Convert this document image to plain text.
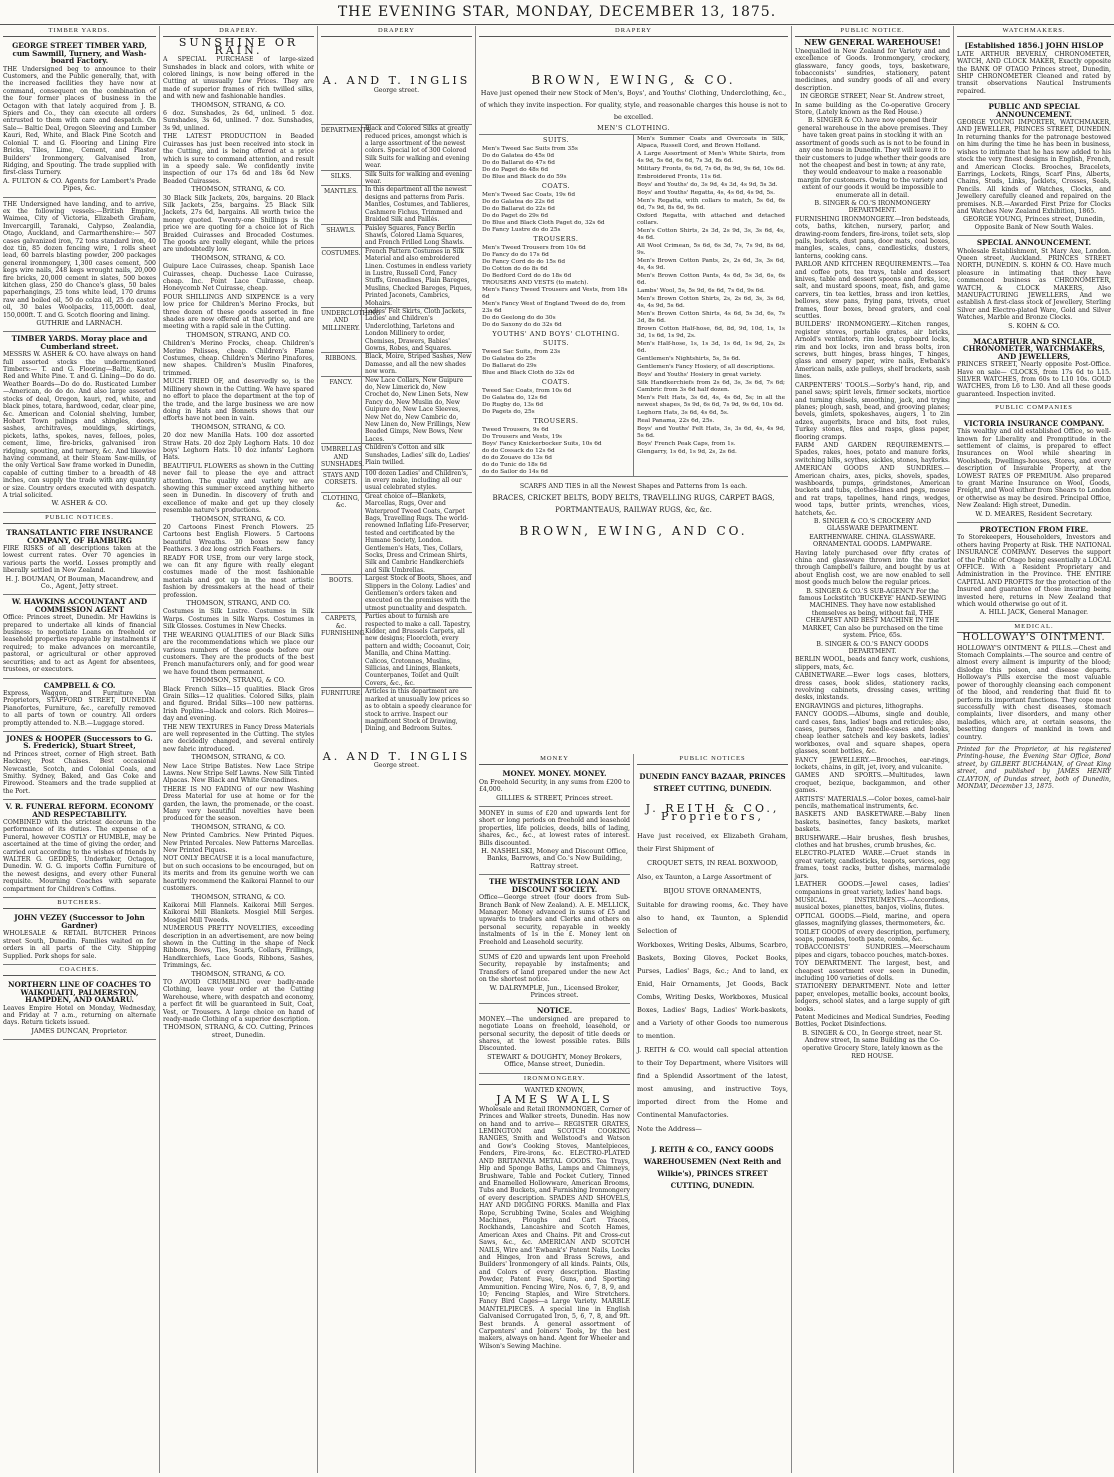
THE EVENING STAR, MONDAY, DECEMBER 13, 1875.
TIMBER YARDS.
GEORGE STREET TIMBER YARD, cum Sawmill, Turnery, and Wash-board Factory.

THE Undersigned beg to announce to their Customers, and the Public generally, that, with the increased facilities they have now at command, consequent on the combination of the four former places of business in the Octagon with that lately acquired from J. B. Spiers and Co., they can execute all orders entrusted to them with care and despatch. On Sale— Baltic Deal, Oregon Sleeving and Lumber Kauri, Red, White, and Black Pine Scotch and Colonial T. and G. Flooring and Lining Fire Bricks, Tiles, Lime, Cement, and Plaster Builders' Ironmongery, Galvanised Iron, Ridging, and Spouting. The trade supplied with first-class Turnery.

A. FULTON & CO. Agents for Lambert's Prade Pipes, &c.

THE Undersigned have landing, and to arrive, ex the following vessels:—British Empire, Waimea, City of Victoria, Elizabeth Graham, Invercargill, Taranaki, Calypso, Zealandia, Otago, Auckland, and Carmarthenshire:— 507 cases galvanized iron, 72 tons standard iron, 40 doz tin, 85 dozen fencing wire, 1 rolls sheet lead, 60 barrels blasting powder, 200 packages general ironmongery, 1,300 cases cement, 500 kegs wire nails, 248 kegs wrought nails, 20,000 fire bricks, 20,000 cement in slates, 500 boxes kitchen glass, 250 do Chance's glass, 50 bales paperhangings, 25 tons white lead, 170 drums raw and boiled oil, 50 do colza oil, 25 do castor oil, 30 bales Woolpacks, 115,000ft. deal, 150,000ft. T. and G. Scotch flooring and lining.

GUTHRIE and LARNACH.
TIMBER YARDS. Moray place and Cumberland street.

MESSRS W. ASHER & CO. have always on hand full assorted stocks the undermentioned Timbers:— T. and G. Flooring—Baltic, Kauri, Red and White Pine. T. and G. Lining—Do do do. Weather Boards—Do do do. Rusticated Lumber—American, do do do. And also large assorted stocks of deal, Oregon, kauri, red, white, and black pines, totara, hardwood, cedar, clear pine, &c. American and Colonial shelving, lumber, Hobart Town palings and shingles, doors, sashes, architraves, mouldings, skirtings, pickets, laths, spokes, naves, felloes, poles, cement, lime, fire-bricks, galvanised iron ridging, spouting, and turnery, &c. And likewise having command, at their Steam Saw-mills, of the only Vertical Saw frame worked in Dunedin, capable of cutting timber to a breadth of 48 inches, can supply the trade with any quantity or size. Country orders executed with despatch. A trial solicited.

W. ASHER & CO.
PUBLIC NOTICES.
TRANSATLANTIC FIRE INSURANCE COMPANY, OF HAMBURG

FIRE RISKS of all descriptions taken at the lowest current rates. Over 70 agencies in various parts the world. Losses promptly and liberally settled in New Zealand.

H. J. BOUMAN, Of Bouman, Macandrew, and Co., Agent, Jetty street.
W. HAWKINS ACCOUNTANT AND COMMISSION AGENT

Office: Princes street, Dunedin. Mr Hawkins is prepared to undertake all kinds of financial business; to negotiate Loans on freehold or leasehold properties repayable by instalments if required; to make advances on mercantile, pastoral, or agricultural or other approved securities; and to act as Agent for absentees, trustees, or executors.

CAMPBELL & CO.

Express, Waggon, and Furniture Van Proprietors, STAFFORD STREET, DUNEDIN. Pianofortes, Furniture, &c., carefully removed to all parts of town or country. All orders promptly attended to. N.B.—Luggage stored.

JONES & HOOPER (Successors to G. S. Frederick), Stuart Street,

nd Princes street, corner of High street. Bath Hackney, Post Chaises. Best occasional Newcastle, Scotch, and Colonial Coals, and Smithy. Sydney, Baked, and Gas Coke and Firewood. Steamers and the trade supplied at the Port.

V. R. FUNERAL REFORM. ECONOMY AND RESPECTABILITY.

COMBINED with the strictest decorum in the performance of its duties. The expense of a Funeral, however COSTLY or HUMBLE, may be ascertained at the time of giving the order, and carried out according to the wishes of friends by WALTER G. GEDDES, Undertaker, Octagon, Dunedin. W. G. G. imports Coffin Furniture of the newest designs, and every other Funeral requisite. Mourning Coaches with separate compartment for Children's Coffins.

BUTCHERS.
JOHN VEZEY (Successor to John Gardner)

WHOLESALE & RETAIL BUTCHER Princes street South, Dunedin. Families waited on for orders in all parts of the City. Shipping Supplied. Pork shops for sale.

COACHES.
NORTHERN LINE OF COACHES TO WAIKOUAITI, PALMERSTON, HAMPDEN, AND OAMARU.

Leaves Empire Hotel on Monday, Wednesday, and Friday at 7 a.m., returning on alternate days. Return tickets issued.

JAMES DUNCAN, Proprietor.
DRAPERY.
SUNSHINE OR RAIN.

A SPECIAL PURCHASE of large-sized Sunshades in black and colors, with white or colored linings, is now being offered in the Cutting at unusually Low Prices. They are made of superior frames of rich twilled silks, and with new and fashionable handles.

THOMSON, STRANG, & CO.

6 doz. Sunshades, 2s 6d, unlined. 5 doz. Sunshades, 3s 6d, unlined. 7 doz. Sunshades, 3s 9d, unlined.

THE LATEST PRODUCTION in Beaded Cuirasses has just been received into stock in the Cutting, and is being offered at a price which is sure to command attention, and result in a speedy sale. We confidently invite inspection of our 17s 6d and 18s 6d New Beaded Cuirasses.

THOMSON, STRANG, & CO.

30 Black Silk Jackets, 20s, bargains. 20 Black Silk Jackets, 25s, bargains. 25 Black Silk Jackets, 27s 6d, bargains. All worth twice the money quoted. Twenty-one Shillings is the price we are quoting for a choice lot of Rich Braided Cuirasses and Brocaded Costumes. The goods are really elegant, while the prices are undoubtedly low.

THOMSON, STRANG, & CO.

Guipure Lace Cuirasses, cheap. Spanish Lace Cuirasses, cheap. Duchesse Lace Cuirasse, cheap. Inc. Point Lace Cuirasse, cheap. Honeycomb Net Cuirasse, cheap.

FOUR SHILLINGS AND SIXPENCE is a very low price for Children's Merino Frocks, but three dozen of these goods assorted in fine shades are now offered at that price, and are meeting with a rapid sale in the Cutting.

THOMSON, STRANG, AND CO.

Children's Merino Frocks, cheap. Children's Merino Pelisses, cheap. Children's Flame Costumes, cheap. Children's Merino Pinafores, new shapes. Children's Muslin Pinafores, trimmed.

MUCH TRIED OF, and deservedly so, is the Millinery shown in the Cutting. We have spared no effort to place the department at the top of the trade, and the large business we are now doing in Hats and Bonnets shows that our efforts have not been in vain.

THOMSON, STRANG, & CO.

20 doz new Manilla Hats. 100 doz assorted Straw Hats. 20 doz 2ply Leghorn Hats. 10 doz boys' Leghorn Hats. 10 doz infants' Leghorn Hats.

BEAUTIFUL FLOWERS as shown in the Cutting never fail to please the eye and attract attention. The quality and variety we are showing this summer exceed anything hitherto seen in Dunedin. In discovery of truth and excellence of make and get up they closely resemble nature's productions.

THOMSON, STRANG, & CO.

20 Cartoons Finest French Flowers. 25 Cartoons best English Flowers. 5 Cartoons beautiful Wreaths. 30 boxes new fancy Feathers. 3 doz long ostrich Feathers.

READY FOR USE, from our very large stock, we can fit any figure with really elegant costumes made of the most fashionable materials and got up in the most artistic fashion by dressmakers at the head of their profession.

THOMSON, STRANG, AND CO.

Costumes in Silk Lustre. Costumes in Silk Warps. Costumes in Silk Warps. Costumes in Silk Glosses. Costumes in New Checks.

THE WEARING QUALITIES of our Black Silks are the recommendations which we place our various numbers of these goods before our customers. They are the products of the best French manufacturers only, and for good wear we have found them permanent.

THOMSON, STRANG, & CO.

Black French Silks—15 qualities. Black Gros Grain Silks—12 qualities. Colored Silks, plain and figured. Bridal Silks—100 new patterns. Irish Poplins—black and colors. Rich Moires—day and evening.

THE NEW TEXTURES in Fancy Dress Materials are well represented in the Cutting. The styles are decidedly changed, and several entirely new fabric introduced.

THOMSON, STRANG, & CO.

New Lace Stripe Batistes. New Lace Stripe Lawns. New Stripe Self Lawns. New Silk Tinted Alpacas. New Black and White Grenadines.

THERE IS NO FADING of our new Washing Dress Material for use at home or for the garden, the lawn, the promenade, or the coast. Many very beautiful novelties have been produced for the season.

THOMSON, STRANG, & CO.

New Printed Cambrics. New Printed Piques. New Printed Percales. New Patterns Marcellas. New Printed Piques.

NOT ONLY BECAUSE it is a local manufacture, but on such occasions to be encouraged, but on its merits and from its genuine worth we can heartily recommend the Kaikorai Flannel to our customers.

THOMSON, STRANG, & CO.

Kaikorai Mill Flannels. Kaikorai Mill Serges. Kaikorai Mill Blankets. Mosgiel Mill Serges. Mosgiel Mill Tweeds.

NUMEROUS PRETTY NOVELTIES, exceeding description in an advertisement, are now being shown in the Cutting in the shape of Neck Ribbons, Bows, Ties, Scarfs, Collars, Frillings, Handkerchiefs, Lace Goods, Ribbons, Sashes, Trimmings, &c.

THOMSON, STRANG, & CO.

TO AVOID CRUMBLING over badly-made Clothing, leave your order at the Cutting Warehouse, where, with despatch and economy, a perfect fit will be guaranteed in Suit, Coat, Vest, or Trousers. A large choice on hand of ready-made Clothing of a superior description.

THOMSON, STRANG, & CO. Cutting, Princes street, Dunedin.

DRAPERY
A. AND T. INGLIS
George street.
DEPARTMENTS.
Black and Colored Silks at greatly reduced prices, amongst which is a large assortment of the newest colors. Special lot of 300 Colored Silk Suits for walking and evening wear.
SILKS.	Silk Suits for walking and evening wear.
MANTLES.	In this department all the newest designs and patterns from Paris. Mantles, Costumes, and Tablieres, Cashmere Fichus, Trimmed and Braided Silk and Paillés.
SHAWLS.	Paisley Squares, Fancy Berlin Shawls, Colored Llama Squares, and French Frilled Long Shawls.
COSTUMES. French Pattern Costumes in Silk Material and also embroidered Linen. Costumes in endless variety in Lustre, Russell Cord, Fancy Stuffs, Grenadines, Plain Bareges, Muslins, Checked Bareges, Piques, Printed Jaconets, Cambrics, Mohairs.
UNDERCLOTHING AND MILLINERY.
Ladies' Felt Skirts, Cloth Jackets, Ladies' and Children's Underclothing, Tarletons and London Millinery to order, Chemises, Drawers, Babies' Gowns, Robes, and Squares.
RIBBONS.	Black, Moire, Striped Sashes, New Damasse, and all the new shades now worn.
FANCY.	New Lace Collars, New Guipure do, New Limerick do, New Crochet do, New Linen Sets, New Fancy do, New Muslin do, New Guipure do, New Lace Sleeves, New Net do, New Cambric do, New Linen do, New Frillings, New Beaded Gimps, New Bows, New Laces.
UMBRELLAS AND SUNSHADES.
Children's Cotton and silk Sunshades, Ladies' silk do, Ladies' Plain twilled.
STAYS AND CORSETS.
100 dozen Ladies' and Children's, in every make, including all our usual celebrated styles.
CLOTHING, &c.
Great choice of—Blankets, Marcellas, Rugs, Over and Waterproof Tweed Coats, Carpet Bags, Travelling Rugs. The world-renowned Inflating Life-Preserver, tested and certificated by the Humane Society, London. Gentlemen's Hats, Ties, Collars, Socks, Dress and Crimean Shirts, Silk and Cambric Handkerchiefs and Silk Umbrellas.
BOOTS.	Largest Stock of Boots, Shoes, and Slippers in the Colony. Ladies' and Gentlemen's orders taken and executed on the premises with the utmost punctuality and despatch.
CARPETS, &c. FURNISHING.
Parties about to furnish are respected to make a call. Tapestry, Kidder, and Brussels Carpets, all new designs; Floorcloth, every pattern and width; Cocoanut, Coir, Manilla, and China Matting. Calicos, Cretonnes, Muslins, Sillicias, and Linings, Blankets, Counterpanes, Toilet and Quilt Covers, &c., &c.
FURNITURE. Articles in this department are marked at unusually low prices so as to obtain a speedy clearance for stock to arrive. Inspect our magnificent Stock of Drawing, Dining, and Bedroom Suites.
A. AND T. INGLIS
George street.
DRAPERY
BROWN, EWING, & CO.

Have just opened their new Stock of Men's, Boys', and Youths' Clothing, Underclothing, &c., of which they invite inspection. For quality, style, and reasonable charges this house is not to be excelled.

MEN'S CLOTHING.
SUITS.
Men's Tweed Sac Suits from 35s
Do do Galatea do 45s 0d
Do do Ballarat do 47s 6d
Do do Paget do 48s 6d
Do Blue and Black do do 59s
COATS.
Men's Tweed Sac Coats, 19s 6d
Do do Galatea do 22s 6d
Do do Ballarat do 22s 6d
Do do Paget do 29s 6d
Do Blue and Black Cloth Paget do, 32s 6d
Do Fancy Lustre do do 25s
TROUSERS.
Men's Tweed Trousers from 10s 6d
Do Fancy do do 17s 6d
Do Fancy Cord do do 15s 6d
Do Cotton do do 8s 6d
Do Bedford Cord do do 18s 6d
TROUSERS AND VESTS (to match).
Men's Fancy Tweed Trousers and Vests, from 18s 6d
Men's Fancy West of England Tweed do do, from 23s 6d
Do do Geelong do do 30s
Do do Saxony do do 32s 6d
YOUTHS' AND BOYS' CLOTHING.
SUITS.
Tweed Sac Suits, from 23s
Do Galatea do 25s
Do Ballarat do 29s
Blue and Black Cloth do 32s 6d
COATS.
Tweed Sac Coats, from 10s 6d
Do Galatea do, 12s 6d
Do Rugby do, 13s 6d
Do Pagets do, 25s
TROUSERS.
Tweed Trousers, 9s 6d
Do Trousers and Vests, 19s
Boys' Fancy Knickerbocker Suits, 10s 6d
do do Cossack do 12s 6d
do do Zouave do 13s 6d
do do Tunic do 18s 6d
do do Sailor do 14s 6d

Men's Summer Coats and Overcoats in Silk, Alpaca, Russell Cord, and Brown Holland.

A Large Assortment of Men's White Shirts, from 4s 9d, 5s 6d, 6s 6d, 7s 3d, 8s 6d.

Military Fronts, 6s 6d, 7s 6d, 8s 9d, 9s 6d, 10s 6d.

Embroidered Fronts, 11s 6d.

Boys' and Youths' do, 3s 9d, 4s 3d, 4s 9d, 5s 3d.

Boys' and Youths' Regatta, 4s, 4s 6d, 4s 9d, 5s.

Men's Regatta, with collars to match, 5s 6d, 6s 6d, 7s 9d, 8s 6d, 9s 6d.

Oxford Regatta, with attached and detached collars.

Men's Cotton Shirts, 2s 3d, 2s 9d, 3s, 3s 6d, 4s, 4s 6d.

All Wool Crimean, 5s 6d, 6s 3d, 7s, 7s 9d, 8s 6d, 9s.

Men's Brown Cotton Pants, 2s, 2s 6d, 3s, 3s 6d, 4s, 4s 9d.

Men's Brown Cotton Pants, 4s 6d, 5s 3d, 6s, 6s 6d.

Lambs' Wool, 5s, 5s 9d, 6s 6d, 7s 6d, 9s 6d.

Men's Brown Cotton Shirts, 2s, 2s 6d, 3s, 3s 6d, 4s, 4s 9d, 5s 6d.

Men's Brown Cotton Shirts, 4s 6d, 5s 3d, 6s, 7s 3d, 8s 6d.

Brown Cotton Half-hose, 6d, 8d, 9d, 10d, 1s, 1s 3d, 1s 6d, 1s 9d, 2s.

Men's Half-hose, 1s, 1s 3d, 1s 6d, 1s 9d, 2s, 2s 6d.

Gentlemen's Nightshirts, 5s, 5s 6d.

Gentlemen's Fancy Hosiery, of all descriptions.

Boys' and Youths' Hosiery in great variety.

Silk Handkerchiefs from 2s 6d, 3s, 3s 6d, 7s 6d; Cambric from 3s 6d half dozen.

Men's Felt Hats, 3s 6d, 4s, 4s 6d, 5s; in all the newest shapes, 5s 9d, 6s 6d, 7s 9d, 9s 6d, 10s 6d.

Leghorn Hats, 3s 6d, 4s 6d, 5s.

Real Panama, 22s 6d, 25s.

Boys' and Youths' Felt Hats, 3s, 3s 6d, 4s, 4s 9d, 5s 6d.

Boys' French Peak Caps, from 1s.

Glengarry, 1s 6d, 1s 9d, 2s, 2s 6d.

SCARFS AND TIES in all the Newest Shapes and Patterns from 1s each.

BRACES, CRICKET BELTS, BODY BELTS, TRAVELLING RUGS, CARPET BAGS, PORTMANTEAUS, RAILWAY RUGS, &c, &c.

BROWN, EWING, AND CO.
MONEY
MONEY. MONEY. MONEY.

On Freehold Security, in any sums from £200 to £4,000.

GILLIES & STREET, Princes street.

MONEY in sums of £20 and upwards lent for short or long periods on freehold and leasehold properties, life policies, deeds, bills of lading, shares, &c., &c., at lowest rates of interest. Bills discounted.

H. NASHELSKI, Money and Discount Office, Banks, Barrows, and Co.'s New Building, Rattray street.
THE WESTMINSTER LOAN AND DISCOUNT SOCIETY.

Office—George street (four doors from Sub-Branch Bank of New Zealand). A. E. MELLICK, Manager. Money advanced in sums of £5 and upwards to traders and Clerks and others on personal security, repayable in weekly instalments of 1s in the £. Money lent on Freehold and Leasehold security.

SUMS of £20 and upwards lent upon Freehold Security, repayable by instalments; and Transfers of land prepared under the new Act on the shortest notice.

W. DALRYMPLE, Jun., Licensed Broker, Princes street.
NOTICE.

MONEY.—The undersigned are prepared to negotiate Loans on freehold, leasehold, or personal security, the deposit of title deeds or shares, at the lowest possible rates. Bills Discounted.

STEWART & DOUGHTY, Money Brokers, Office, Manse street, Dunedin.
IRONMONGERY.
WANTED KNOWN,
JAMES WALLS

Wholesale and Retail IRONMONGER, Corner of Princes and Walker streets, Dunedin. Has now on hand and to arrive— REGISTER GRATES, LEMINGTON and SCOTCH COOKING RANGES, Smith and Wellstood's and Watson and Gow's Cooking Stoves, Mantelpieces, Fenders, Fire-irons, &c. ELECTRO-PLATED AND BRITANNIA METAL GOODS. Tea Trays, Hip and Sponge Baths, Lamps and Chimneys, Brushware, Table and Pocket Cutlery, Tinned and Enamelled Hollowware, American Brooms, Tubs and Buckets, and Furnishing Ironmongery of every description. SPADES AND SHOVELS, HAY AND DIGGING FORKS. Manilla and Flax Rope, Scrubbing Twine, Scales and Weighing Machines, Ploughs and Cart Traces, Rockhands, Lancashire and Scotch Hames, American Axes and Chains. Pit and Cross-cut Saws, &c., &c. AMERICAN AND SCOTCH NAILS, Wire and 'Ewbank's' Patent Nails, Locks and Hinges, Iron and Brass Screws, and Builders' Ironmongery of all kinds. Paints, Oils, and Colors of every description. Blasting Powder, Patent Fuse, Guns, and Sporting Ammunition. Fencing Wire, Nos. 6, 7, 8, 9, and 10; Fencing Staples, and Wire Stretchers. Fancy Bird Cages—a Large Variety. MARBLE MANTELPIECES. A special line in English Galvanised Corrugated Iron, 5, 6, 7, 8, and 9ft. Best brands. A general assortment of Carpenters' and Joiners' Tools, by the best makers, always on hand. Agent for Wheeler and Wilson's Sewing Machine.

PUBLIC NOTICES
DUNEDIN FANCY BAZAAR, PRINCES STREET CUTTING, DUNEDIN.
J. REITH & CO., Proprietors,

Have just received, ex Elizabeth Graham, their First Shipment of

CROQUET SETS, IN REAL BOXWOOD,

Also, ex Taunton, a Large Assortment of

BIJOU STOVE ORNAMENTS,

Suitable for drawing rooms, &c. They have also to hand, ex Taunton, a Splendid Selection of

Workboxes, Writing Desks, Albums, Scarbro, Baskets, Boxing Gloves, Pocket Books, Purses, Ladies' Bags, &c.; And to land, ex Enid, Hair Ornaments, Jet Goods, Back Combs, Writing Desks, Workboxes, Musical Boxes, Ladies' Bags, Ladies' Work-baskets, and a Variety of other Goods too numerous to mention.

J. REITH & CO. would call special attention to their Toy Department, where Visitors will find a Splendid Assortment of the latest, most amusing, and instructive Toys, imported direct from the Home and Continental Manufactories.

Note the Address—

J. REITH & CO., FANCY GOODS WAREHOUSEMEN (Next Reith and Wilkie's), PRINCES STREET CUTTING, DUNEDIN.
PUBLIC NOTICE.
NEW GENERAL WAREHOUSE!

Unequalled in New Zealand for Variety and and excellence of Goods. Ironmongery, crockery, glassware, fancy goods, toys, basketware, tobacconists' sundries, stationery, patent medicines, and sundry goods of all and every description.

IN GEORGE STREET, Near St. Andrew street,

In same building as the Co-operative Grocery Store, (Lately known as the Red House.)

B. SINGER & CO. have now opened their general warehouse in the above premises. They have taken great pains in stocking it with an assortment of goods such as is not to be found in any one house in Dunedin. They will leave it to their customers to judge whether their goods are not the cheapest and best in town; at any rate, they would endeavour to make a reasonable margin for customers. Owing to the variety and extent of our goods it would be impossible to enumerate all in detail.

B. SINGER & CO.'S IRONMONGERY DEPARTMENT.

FURNISHING IRONMONGERY.—Iron bedsteads, cots, baths, kitchen, nursery, parlor, and drawing-room fenders, fire-irons, toilet sets, slop pails, buckets, dust pans, door mats, coal boxes, mangles, scales, cans, candlesticks, dusters, lanterns, cooking cans.

PARLOR AND KITCHEN REQUIREMENTS.—Tea and coffee pots, tea trays, table and dessert knives, table and dessert spoons and forks, ice, salt, and mustard spoons, meat, fish, and game carvers, tin tea kettles, brass and iron kettles, bellows, stew pans, frying pans, trivets, cruet frames, flour boxes, bread graters, and coal scuttles.

BUILDERS' IRONMONGERY.—Kitchen ranges, register stoves, portable grates, air bricks, Arnold's ventilators, rim locks, cupboard locks, rim and box locks, iron and brass bolts, iron screws, butt hinges, brass hinges, T hinges, glass and emery paper, wire nails, Ewbank's American nails, axle pulleys, shelf brackets, sash lines.

CARPENTERS' TOOLS.—Sorby's hand, rip, and panel saws; spirit levels, firmer sockets, mortice and turning chisels, smoothing, jack, and trying planes; plough, sash, bead, and grooving planes; bevels, gimlets, spokeshaves, augers, 1 to 2in adzes, augerbits, brace and bits, foot rules, Turkey stones, files and rasps, glass paper, flooring cramps.

FARM AND GARDEN REQUIREMENTS.—Spades, rakes, hoes, potato and manure forks, switching bills, scythes, sickles, stones, hayforks.

AMERICAN GOODS AND SUNDRIES.—American chairs, axes, picks, shovels, spades, washboards, pumps, grindstones, American buckets and tubs, clothes-lines and pegs, mouse and rat traps, tapelines, hand rings, wedges, wood taps, butter prints, wrenches, vices, hatchets, &c.

B. SINGER & CO.'S CROCKERY AND GLASSWARE DEPARTMENT.

EARTHENWARE. CHINA. GLASSWARE. ORNAMENTAL GOODS. LAMPWARE.

Having lately purchased over fifty crates of china and glassware thrown into the market through Campbell's failure, and bought by us at about English cost, we are now enabled to sell most goods much below the regular prices.

B. SINGER & CO.'S SUB-AGENCY For the famous Lockstitch 'BUCKEYE' HAND-SEWING MACHINES. They have now established themselves as being, without fail, THE CHEAPEST AND BEST MACHINE IN THE MARKET, Can also be purchased on the time system. Price, 65s.

B. SINGER & CO.'S FANCY GOODS DEPARTMENT.

BERLIN WOOL, beads and fancy work, cushions, slippers, mats, &c.

CABINETWARE.—Ewer logs cases, blotters, dress cases, book slides, stationery racks, revolving cabinets, dressing cases, writing desks, inkstands.

ENGRAVINGS and pictures, lithographs.

FANCY GOODS.—Albums, single and double, card cases, fans, ladies' bags and reticules; also, cases, purses, fancy needle-cases and books, cheap leather satchels and key baskets, ladies' workboxes, oval and square shapes, opera glasses, scent bottles, &c.

FANCY JEWELLERY.—Brooches, ear-rings, lockets, chains, in gilt, jet, ivory, and vulcanite.

GAMES AND SPORTS.—Multitudes, lawn croquet, bezique, backgammon, and other games.

ARTISTS' MATERIALS.—Color boxes, camel-hair pencils, mathematical instruments, &c.

BASKETS AND BASKETWARE.—Baby linen baskets, basinettes, fancy baskets, market baskets.

BRUSHWARE.—Hair brushes, flesh brushes, clothes and hat brushes, crumb brushes, &c.

ELECTRO-PLATED WARE.—Cruet stands in great variety, candlesticks, teapots, services, egg frames, toast racks, butter dishes, marmalade jars.

LEATHER GOODS.—Jewel cases, ladies' companions in great variety, ladies' hand bags.

MUSICAL INSTRUMENTS.—Accordions, musical boxes, pianettes, banjos, violins, flutes.

OPTICAL GOODS.—Field, marine, and opera glasses, magnifying glasses, thermometers, &c.

TOILET GOODS of every description, perfumery, soaps, pomades, tooth paste, combs, &c.

TOBACCONISTS' SUNDRIES.—Meerschaum pipes and cigars, tobacco pouches, match-boxes.

TOY DEPARTMENT. The largest, best, and cheapest assortment ever seen in Dunedin, including 100 varieties of dolls.

STATIONERY DEPARTMENT. Note and letter paper, envelopes, metallic books, account books, ledgers, school slates, and a large supply of gift books.

Patent Medicines and Medical Sundries, Feeding Bottles, Pocket Disinfections.

B. SINGER & CO., In George street, near St. Andrew street, In same Building as the Co-operative Grocery Store, lately known as the

RED HOUSE.

WATCHMAKERS.
[Established 1856.] JOHN HISLOP

LATE ARTHUR BEVERLY, CHRONOMETER, WATCH, AND CLOCK MAKER, Exactly opposite the BANK OF OTAGO Princes street, Dunedin, SHIP CHRONOMETER Cleaned and rated by transit observations Nautical Instruments repaired.

PUBLIC AND SPECIAL ANNOUNCEMENT.

GEORGE YOUNG IMPORTER, WATCHMAKER, AND JEWELLER, PRINCES STREET, DUNEDIN. In returning thanks for the patronage bestowed on him during the time he has been in business, wishes to intimate that he has now added to his stock the very finest designs in English, French, and American Clocks. Brooches, Bracelets, Earrings, Lockets, Rings, Scarf Pins, Alberts, Chains, Studs, Links, Jacklets, Crosses, Seals, Pencils. All kinds of Watches, Clocks, and Jewellery carefully cleaned and repaired on the premises. N.B.—Awarded First Prize for Clocks and Watches New Zealand Exhibition, 1865.

GEORGE YOUNG, Princes street, Dunedin, Opposite Bank of New South Wales.
SPECIAL ANNOUNCEMENT.

Wholesale Establishment, St Mary Axe, London. Queen street, Auckland. PRINCES STREET NORTH, DUNEDIN. S. KOHN & CO. Have much pleasure in intimating that they have commenced business as CHRONOMETER, WATCH, & CLOCK MAKERS, Also MANUFACTURING JEWELLERS, And we establish A first-class stock of Jewellery, Sterling Silver and Electro-plated Ware, Gold and Silver Watches, Marble and Bronze Clocks.

S. KOHN & CO.
MACARTHUR AND SINCLAIR, CHRONOMETER, WATCHMAKERS, AND JEWELLERS,

PRINCES STREET, Nearly opposite Post-Office. Have on sale— CLOCKS, from 17s 6d to L15. SILVER WATCHES, from 60s to L10 10s. GOLD WATCHES, from L6 to L30. And all these goods guaranteed. Inspection invited.

PUBLIC COMPANIES
VICTORIA INSURANCE COMPANY.

This wealthy and old established Office, so well-known for Liberality and Promptitude in the settlement of claims, is prepared to effect Insurances on Wool while shearing in Woolsheds, Dwellings-houses, Stores, and every description of Insurable Property, at the LOWEST RATES OF PREMIUM. Also prepared to grant Marine Insurance on Wool, Goods, Freight, and Wool either from Shears to London or otherwise as may be desired. Principal Office, New Zealand: High street, Dunedin.

W. D. MEARES, Resident Secretary.
PROTECTION FROM FIRE.

To Storekeepers, Householders, Investors and others having Property at Risk. THE NATIONAL INSURANCE COMPANY. Deserves the support of the Public of Otago being essentially a LOCAL OFFICE. With a Resident Proprietary and Administration in the Province. THE ENTIRE CAPITAL AND PROFITS for the protection of the Insured and guarantee of those insuring being invested here, returns in New Zealand that which would otherwise go out of it.

A. HILL JACK, General Manager.
MEDICAL.
HOLLOWAY'S OINTMENT.

HOLLOWAY'S OINTMENT & PILLS.—Chest and Stomach Complaints.—The source and centre of almost every ailment is impurity of the blood; dislodge this poison, and disease departs. Holloway's Pills exercise the most valuable power of thoroughly cleansing each component of the blood, and rendering that fluid fit to perform its important functions. They cope most successfully with chest diseases, stomach complaints, liver disorders, and many other maladies, which are, at certain seasons, the besetting dangers of mankind in town and country.

Printed for the Proprietor, at his registered Printing-house, the Evening Star Office, Bond street, by GILBERT BUCHANAN, of Great King street, and published by JAMES HENRY CLAYTON, of Dundas street, both of Dunedin, MONDAY, December 13, 1875.
